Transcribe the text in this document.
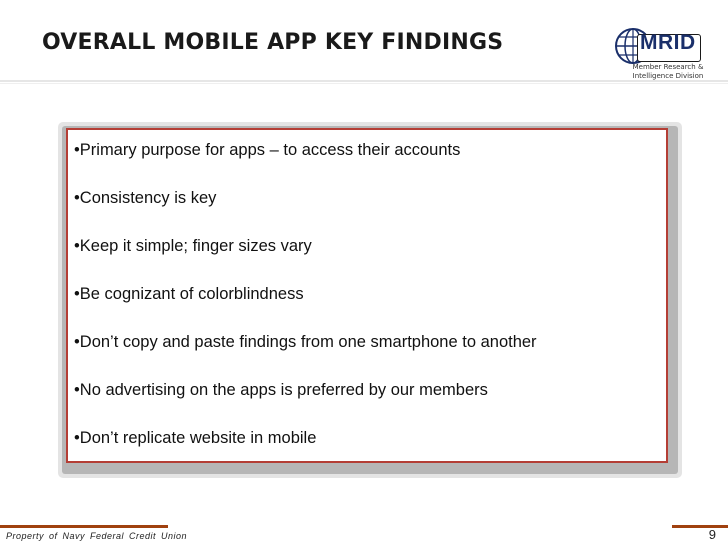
OVERALL MOBILE APP KEY FINDINGS	MRID
Member Research & Intelligence Division
•Primary purpose for apps – to access their accounts
•Consistency is key
•Keep it simple; finger sizes vary
•Be cognizant of colorblindness
•Don’t copy and paste findings from one smartphone to another
•No advertising on the apps is preferred by our members
•Don’t replicate website in mobile
Property of Navy Federal Credit Union	9
